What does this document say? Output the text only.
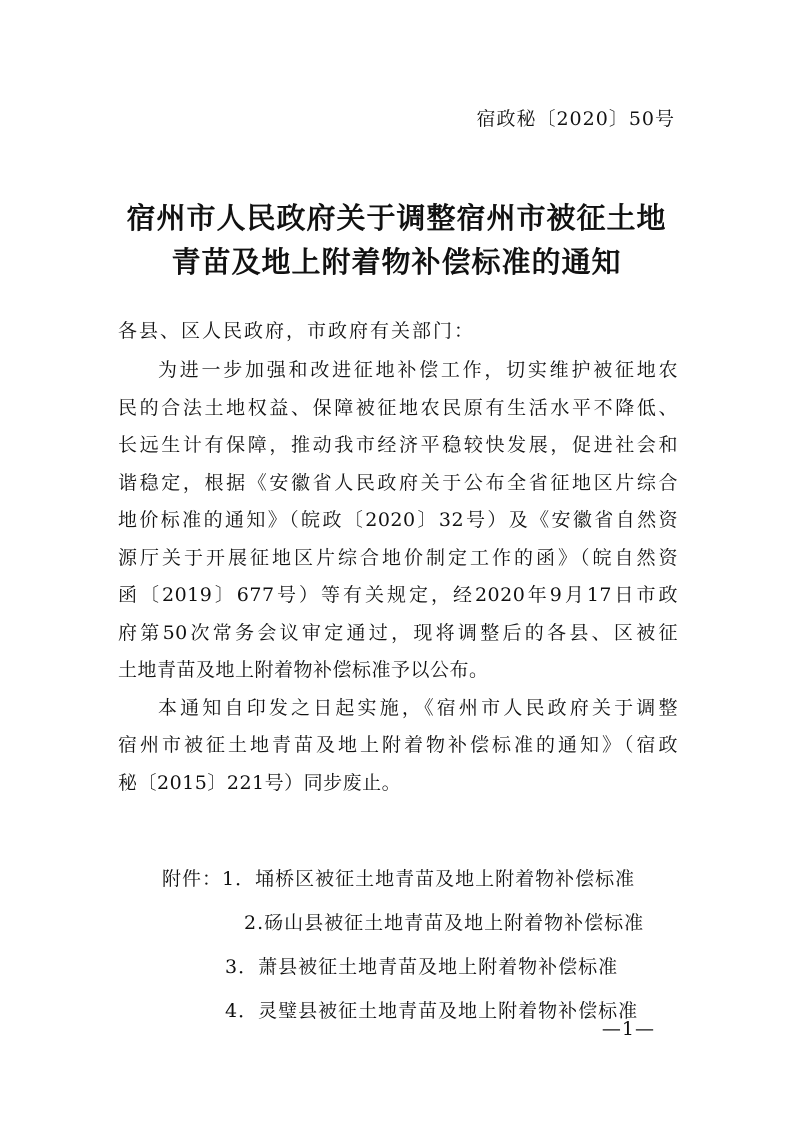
宿政秘〔2020〕50号
宿州市人民政府关于调整宿州市被征土地
青苗及地上附着物补偿标准的通知
各县、区人民政府，市政府有关部门：
为进一步加强和改进征地补偿工作，切实维护被征地农
民的合法土地权益、保障被征地农民原有生活水平不降低、
长远生计有保障，推动我市经济平稳较快发展，促进社会和
谐稳定，根据《安徽省人民政府关于公布全省征地区片综合
地价标准的通知》（皖政〔2020〕32号）及《安徽省自然资
源厅关于开展征地区片综合地价制定工作的函》（皖自然资
函〔2019〕677号）等有关规定，经2020年9月17日市政
府第50次常务会议审定通过，现将调整后的各县、区被征
土地青苗及地上附着物补偿标准予以公布。
本通知自印发之日起实施，《宿州市人民政府关于调整
宿州市被征土地青苗及地上附着物补偿标准的通知》（宿政
秘〔2015〕221号）同步废止。
附件：1．埇桥区被征土地青苗及地上附着物补偿标准
2.砀山县被征土地青苗及地上附着物补偿标准
3．萧县被征土地青苗及地上附着物补偿标准
4．灵璧县被征土地青苗及地上附着物补偿标准
—1—
